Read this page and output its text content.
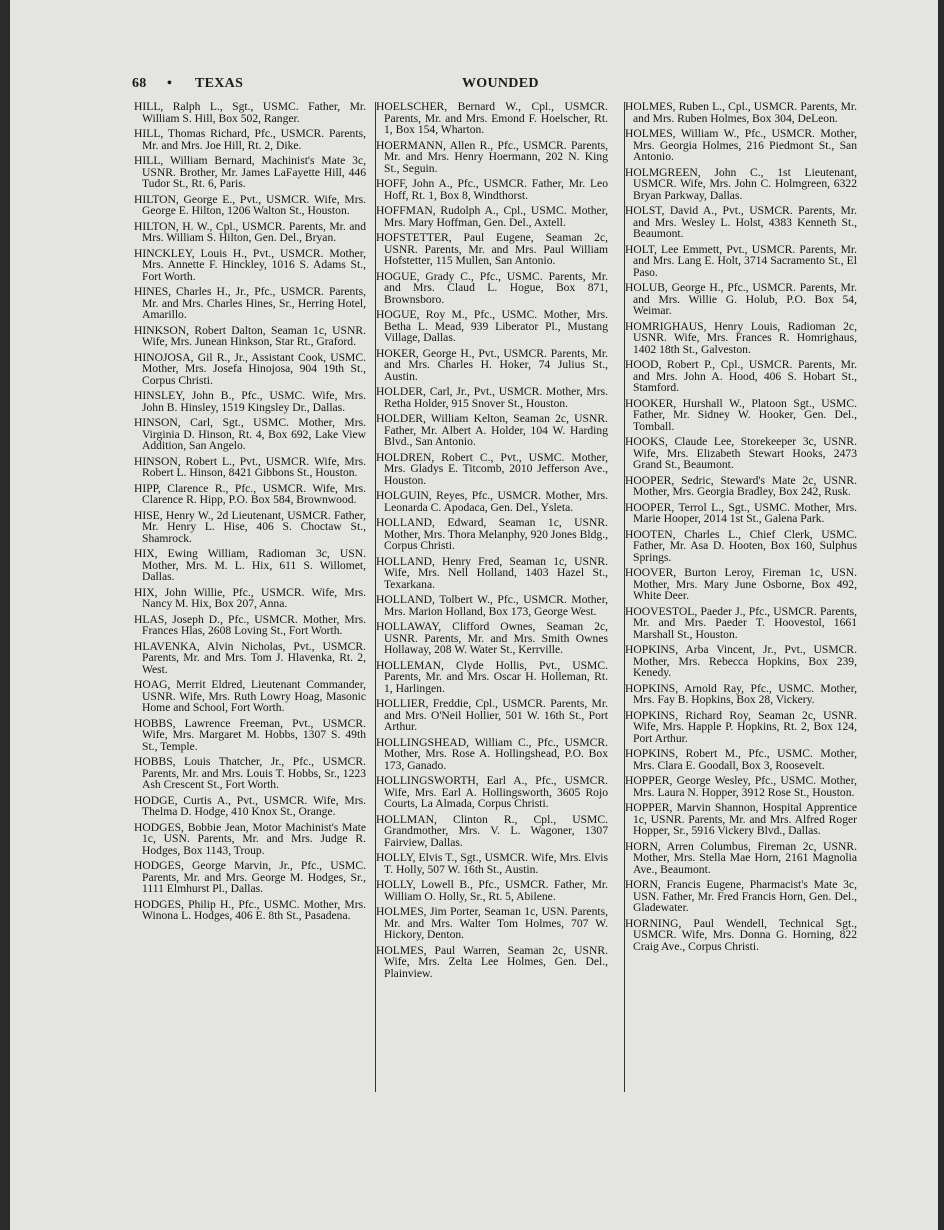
68 • TEXAS	WOUNDED

HILL, Ralph L., Sgt., USMC. Father, Mr. William S. Hill, Box 502, Ranger.

HILL, Thomas Richard, Pfc., USMCR. Parents, Mr. and Mrs. Joe Hill, Rt. 2, Dike.

HILL, William Bernard, Machinist's Mate 3c, USNR. Brother, Mr. James LaFayette Hill, 446 Tudor St., Rt. 6, Paris.

HILTON, George E., Pvt., USMCR. Wife, Mrs. George E. Hilton, 1206 Walton St., Houston.

HILTON, H. W., Cpl., USMCR. Parents, Mr. and Mrs. William S. Hilton, Gen. Del., Bryan.

HINCKLEY, Louis H., Pvt., USMCR. Mother, Mrs. Annette F. Hinckley, 1016 S. Adams St., Fort Worth.

HINES, Charles H., Jr., Pfc., USMCR. Parents, Mr. and Mrs. Charles Hines, Sr., Herring Hotel, Amarillo.

HINKSON, Robert Dalton, Seaman 1c, USNR. Wife, Mrs. Junean Hinkson, Star Rt., Graford.

HINOJOSA, Gil R., Jr., Assistant Cook, USMC. Mother, Mrs. Josefa Hinojosa, 904 19th St., Corpus Christi.

HINSLEY, John B., Pfc., USMC. Wife, Mrs. John B. Hinsley, 1519 Kingsley Dr., Dallas.

HINSON, Carl, Sgt., USMC. Mother, Mrs. Virginia D. Hinson, Rt. 4, Box 692, Lake View Addition, San Angelo.

HINSON, Robert L., Pvt., USMCR. Wife, Mrs. Robert L. Hinson, 8421 Gibbons St., Houston.

HIPP, Clarence R., Pfc., USMCR. Wife, Mrs. Clarence R. Hipp, P.O. Box 584, Brownwood.

HISE, Henry W., 2d Lieutenant, USMCR. Father, Mr. Henry L. Hise, 406 S. Choctaw St., Shamrock.

HIX, Ewing William, Radioman 3c, USN. Mother, Mrs. M. L. Hix, 611 S. Willomet, Dallas.

HIX, John Willie, Pfc., USMCR. Wife, Mrs. Nancy M. Hix, Box 207, Anna.

HLAS, Joseph D., Pfc., USMCR. Mother, Mrs. Frances Hlas, 2608 Loving St., Fort Worth.

HLAVENKA, Alvin Nicholas, Pvt., USMCR. Parents, Mr. and Mrs. Tom J. Hlavenka, Rt. 2, West.

HOAG, Merrit Eldred, Lieutenant Commander, USNR. Wife, Mrs. Ruth Lowry Hoag, Masonic Home and School, Fort Worth.

HOBBS, Lawrence Freeman, Pvt., USMCR. Wife, Mrs. Margaret M. Hobbs, 1307 S. 49th St., Temple.

HOBBS, Louis Thatcher, Jr., Pfc., USMCR. Parents, Mr. and Mrs. Louis T. Hobbs, Sr., 1223 Ash Crescent St., Fort Worth.

HODGE, Curtis A., Pvt., USMCR. Wife, Mrs. Thelma D. Hodge, 410 Knox St., Orange.

HODGES, Bobbie Jean, Motor Machinist's Mate 1c, USN. Parents, Mr. and Mrs. Judge R. Hodges, Box 1143, Troup.

HODGES, George Marvin, Jr., Pfc., USMC. Parents, Mr. and Mrs. George M. Hodges, Sr., 1111 Elmhurst Pl., Dallas.

HODGES, Philip H., Pfc., USMC. Mother, Mrs. Winona L. Hodges, 406 E. 8th St., Pasadena.

HOELSCHER, Bernard W., Cpl., USMCR. Parents, Mr. and Mrs. Emond F. Hoelscher, Rt. 1, Box 154, Wharton.

HOERMANN, Allen R., Pfc., USMCR. Parents, Mr. and Mrs. Henry Hoermann, 202 N. King St., Seguin.

HOFF, John A., Pfc., USMCR. Father, Mr. Leo Hoff, Rt. 1, Box 8, Windthorst.

HOFFMAN, Rudolph A., Cpl., USMC. Mother, Mrs. Mary Hoffman, Gen. Del., Axtell.

HOFSTETTER, Paul Eugene, Seaman 2c, USNR. Parents, Mr. and Mrs. Paul William Hofstetter, 115 Mullen, San Antonio.

HOGUE, Grady C., Pfc., USMC. Parents, Mr. and Mrs. Claud L. Hogue, Box 871, Brownsboro.

HOGUE, Roy M., Pfc., USMC. Mother, Mrs. Betha L. Mead, 939 Liberator Pl., Mustang Village, Dallas.

HOKER, George H., Pvt., USMCR. Parents, Mr. and Mrs. Charles H. Hoker, 74 Julius St., Austin.

HOLDER, Carl, Jr., Pvt., USMCR. Mother, Mrs. Retha Holder, 915 Snover St., Houston.

HOLDER, William Kelton, Seaman 2c, USNR. Father, Mr. Albert A. Holder, 104 W. Harding Blvd., San Antonio.

HOLDREN, Robert C., Pvt., USMC. Mother, Mrs. Gladys E. Titcomb, 2010 Jefferson Ave., Houston.

HOLGUIN, Reyes, Pfc., USMCR. Mother, Mrs. Leonarda C. Apodaca, Gen. Del., Ysleta.

HOLLAND, Edward, Seaman 1c, USNR. Mother, Mrs. Thora Melanphy, 920 Jones Bldg., Corpus Christi.

HOLLAND, Henry Fred, Seaman 1c, USNR. Wife, Mrs. Nell Holland, 1403 Hazel St., Texarkana.

HOLLAND, Tolbert W., Pfc., USMCR. Mother, Mrs. Marion Holland, Box 173, George West.

HOLLAWAY, Clifford Ownes, Seaman 2c, USNR. Parents, Mr. and Mrs. Smith Ownes Hollaway, 208 W. Water St., Kerrville.

HOLLEMAN, Clyde Hollis, Pvt., USMC. Parents, Mr. and Mrs. Oscar H. Holleman, Rt. 1, Harlingen.

HOLLIER, Freddie, Cpl., USMCR. Parents, Mr. and Mrs. O'Neil Hollier, 501 W. 16th St., Port Arthur.

HOLLINGSHEAD, William C., Pfc., USMCR. Mother, Mrs. Rose A. Hollingshead, P.O. Box 173, Ganado.

HOLLINGSWORTH, Earl A., Pfc., USMCR. Wife, Mrs. Earl A. Hollingsworth, 3605 Rojo Courts, La Almada, Corpus Christi.

HOLLMAN, Clinton R., Cpl., USMC. Grandmother, Mrs. V. L. Wagoner, 1307 Fairview, Dallas.

HOLLY, Elvis T., Sgt., USMCR. Wife, Mrs. Elvis T. Holly, 507 W. 16th St., Austin.

HOLLY, Lowell B., Pfc., USMCR. Father, Mr. William O. Holly, Sr., Rt. 5, Abilene.

HOLMES, Jim Porter, Seaman 1c, USN. Parents, Mr. and Mrs. Walter Tom Holmes, 707 W. Hickory, Denton.

HOLMES, Paul Warren, Seaman 2c, USNR. Wife, Mrs. Zelta Lee Holmes, Gen. Del., Plainview.

HOLMES, Ruben L., Cpl., USMCR. Parents, Mr. and Mrs. Ruben Holmes, Box 304, DeLeon.

HOLMES, William W., Pfc., USMCR. Mother, Mrs. Georgia Holmes, 216 Piedmont St., San Antonio.

HOLMGREEN, John C., 1st Lieutenant, USMCR. Wife, Mrs. John C. Holmgreen, 6322 Bryan Parkway, Dallas.

HOLST, David A., Pvt., USMCR. Parents, Mr. and Mrs. Wesley L. Holst, 4383 Kenneth St., Beaumont.

HOLT, Lee Emmett, Pvt., USMCR. Parents, Mr. and Mrs. Lang E. Holt, 3714 Sacramento St., El Paso.

HOLUB, George H., Pfc., USMCR. Parents, Mr. and Mrs. Willie G. Holub, P.O. Box 54, Weimar.

HOMRIGHAUS, Henry Louis, Radioman 2c, USNR. Wife, Mrs. Frances R. Homrighaus, 1402 18th St., Galveston.

HOOD, Robert P., Cpl., USMCR. Parents, Mr. and Mrs. John A. Hood, 406 S. Hobart St., Stamford.

HOOKER, Hurshall W., Platoon Sgt., USMC. Father, Mr. Sidney W. Hooker, Gen. Del., Tomball.

HOOKS, Claude Lee, Storekeeper 3c, USNR. Wife, Mrs. Elizabeth Stewart Hooks, 2473 Grand St., Beaumont.

HOOPER, Sedric, Steward's Mate 2c, USNR. Mother, Mrs. Georgia Bradley, Box 242, Rusk.

HOOPER, Terrol L., Sgt., USMC. Mother, Mrs. Marie Hooper, 2014 1st St., Galena Park.

HOOTEN, Charles L., Chief Clerk, USMC. Father, Mr. Asa D. Hooten, Box 160, Sulphus Springs.

HOOVER, Burton Leroy, Fireman 1c, USN. Mother, Mrs. Mary June Osborne, Box 492, White Deer.

HOOVESTOL, Paeder J., Pfc., USMCR. Parents, Mr. and Mrs. Paeder T. Hoovestol, 1661 Marshall St., Houston.

HOPKINS, Arba Vincent, Jr., Pvt., USMCR. Mother, Mrs. Rebecca Hopkins, Box 239, Kenedy.

HOPKINS, Arnold Ray, Pfc., USMC. Mother, Mrs. Fay B. Hopkins, Box 28, Vickery.

HOPKINS, Richard Roy, Seaman 2c, USNR. Wife, Mrs. Happle P. Hopkins, Rt. 2, Box 124, Port Arthur.

HOPKINS, Robert M., Pfc., USMC. Mother, Mrs. Clara E. Goodall, Box 3, Roosevelt.

HOPPER, George Wesley, Pfc., USMC. Mother, Mrs. Laura N. Hopper, 3912 Rose St., Houston.

HOPPER, Marvin Shannon, Hospital Apprentice 1c, USNR. Parents, Mr. and Mrs. Alfred Roger Hopper, Sr., 5916 Vickery Blvd., Dallas.

HORN, Arren Columbus, Fireman 2c, USNR. Mother, Mrs. Stella Mae Horn, 2161 Magnolia Ave., Beaumont.

HORN, Francis Eugene, Pharmacist's Mate 3c, USN. Father, Mr. Fred Francis Horn, Gen. Del., Gladewater.

HORNING, Paul Wendell, Technical Sgt., USMCR. Wife, Mrs. Donna G. Horning, 822 Craig Ave., Corpus Christi.
